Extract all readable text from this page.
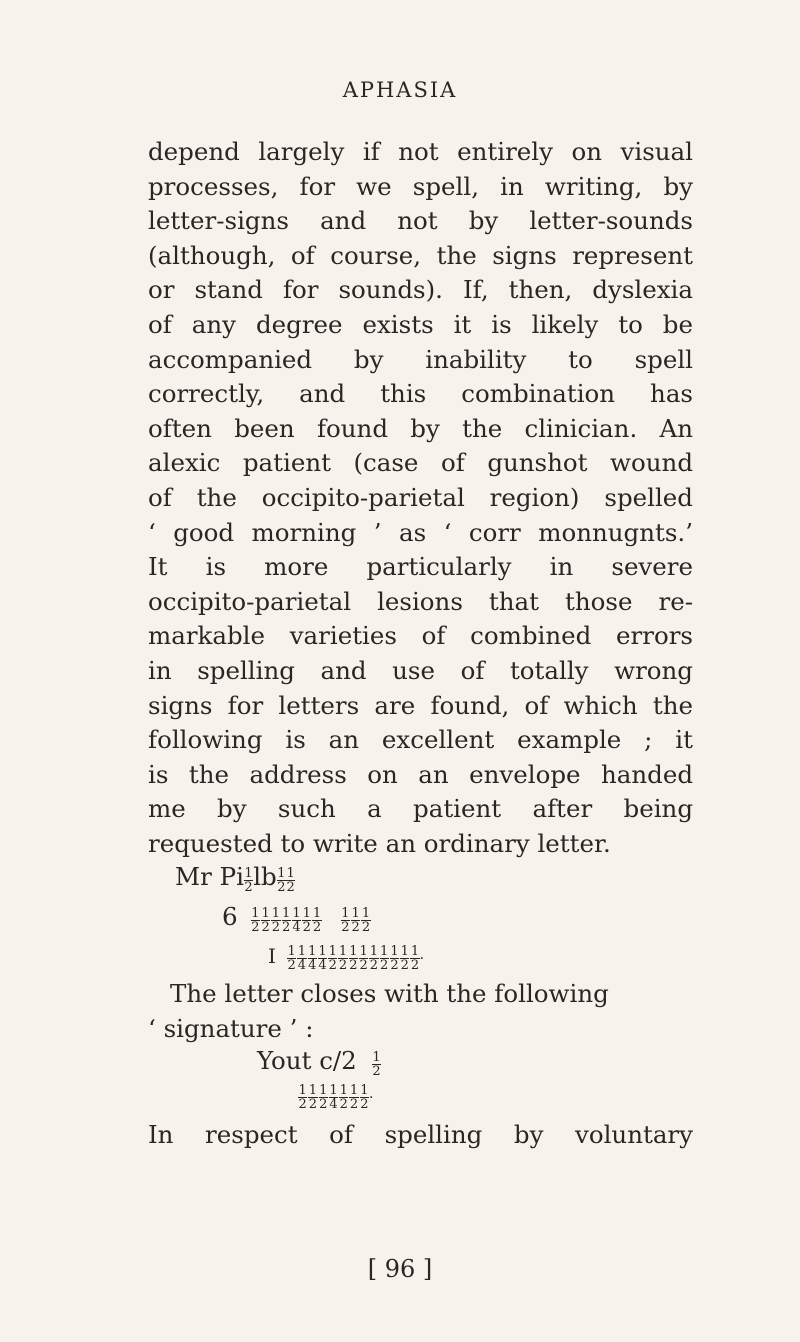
APHASIA
depend largely if not entirely on visual
processes, for we spell, in writing, by
letter-signs and not by letter-sounds
(although, of course, the signs represent
or stand for sounds). If, then, dyslexia
of any degree exists it is likely to be
accompanied by inability to spell
correctly, and this combination has
often been found by the clinician. An
alexic patient (case of gunshot wound
of the occipito-parietal region) spelled
‘ good morning ’ as ‘ corr monnugnts.’
It is more particularly in severe
occipito-parietal lesions that those re-
markable varieties of combined errors
in spelling and use of totally wrong
signs for letters are found, of which the
following is an excellent example ; it
is the address on an envelope handed
me by such a patient after being
requested to write an ordinary letter.
Mr Pi $\frac{1}{2}$ lb $\frac{1}{2} \frac{1}{2}$
$6 \frac{1}{2} \frac{1}{2} \frac{1}{2} \frac{1}{2} \frac{1}{4} \frac{1}{2} \frac{1}{2}$
$\frac{1}{2} \frac{1}{2} \frac{1}{2}$
I $\frac{1}{2} \frac{1}{4} \frac{1}{4} \frac{1}{4} \frac{1}{2} \frac{1}{2} \frac{1}{2} \frac{1}{2} \frac{1}{2} \frac{1}{2} \frac{1}{2} \frac{1}{2} \frac{1}{2}$ ·
The letter closes with the following
‘ signature ’ :
Yout $c/2 \frac{1}{2}$
$\frac{1}{2} \frac{1}{2} \frac{1}{2} \frac{1}{4} \frac{1}{2} \frac{1}{2} \frac{1}{2}$ ·
In respect of spelling by voluntary
[ 96 ]
